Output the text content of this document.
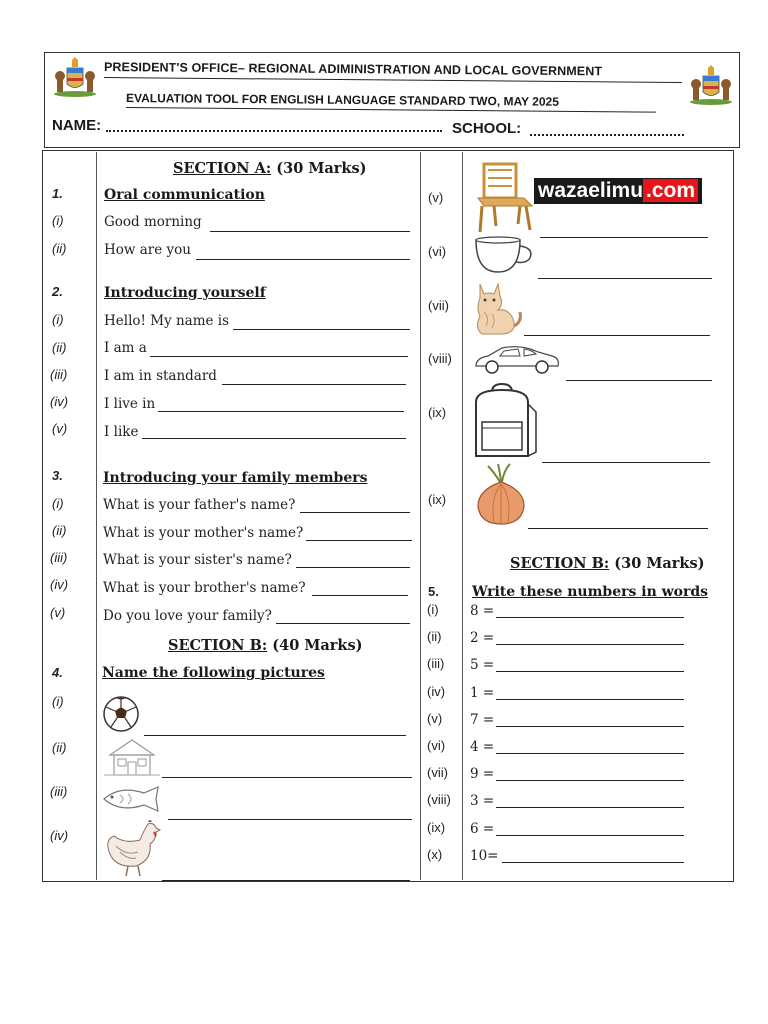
PRESIDENT'S OFFICE– REGIONAL ADIMINISTRATION AND LOCAL GOVERNMENT
EVALUATION TOOL FOR ENGLISH LANGUAGE STANDARD TWO, MAY 2025
NAME:	SCHOOL:
SECTION A: (30 Marks)
1.	Oral communication
(i)	Good morning
(ii)	How are you
2.	Introducing yourself
(i)	Hello! My name is
(ii)	I am a
(iii)	I am in standard
(iv)	I live in
(v)	I like
3.	Introducing your family members
(i)	What is your father's name?
(ii)	What is your mother's name?
(iii)	What is your sister's name?
(iv)	What is your brother's name?
(v)	Do you love your family?
SECTION B: (40 Marks)
4.	Name the following pictures
(i)
(ii)
(iii)
(iv)
(v)	wazaelimu .com
(vi)
(vii)
(viii)
(ix)
(ix)
SECTION B: (30 Marks)
5. Write these numbers in words
(i) 8 =
(ii) 2 =
(iii) 5 =
(iv) 1 =
(v) 7 =
(vi) 4 =
(vii) 9 =
(viii) 3 =
(ix) 6 =
(x) 10=
